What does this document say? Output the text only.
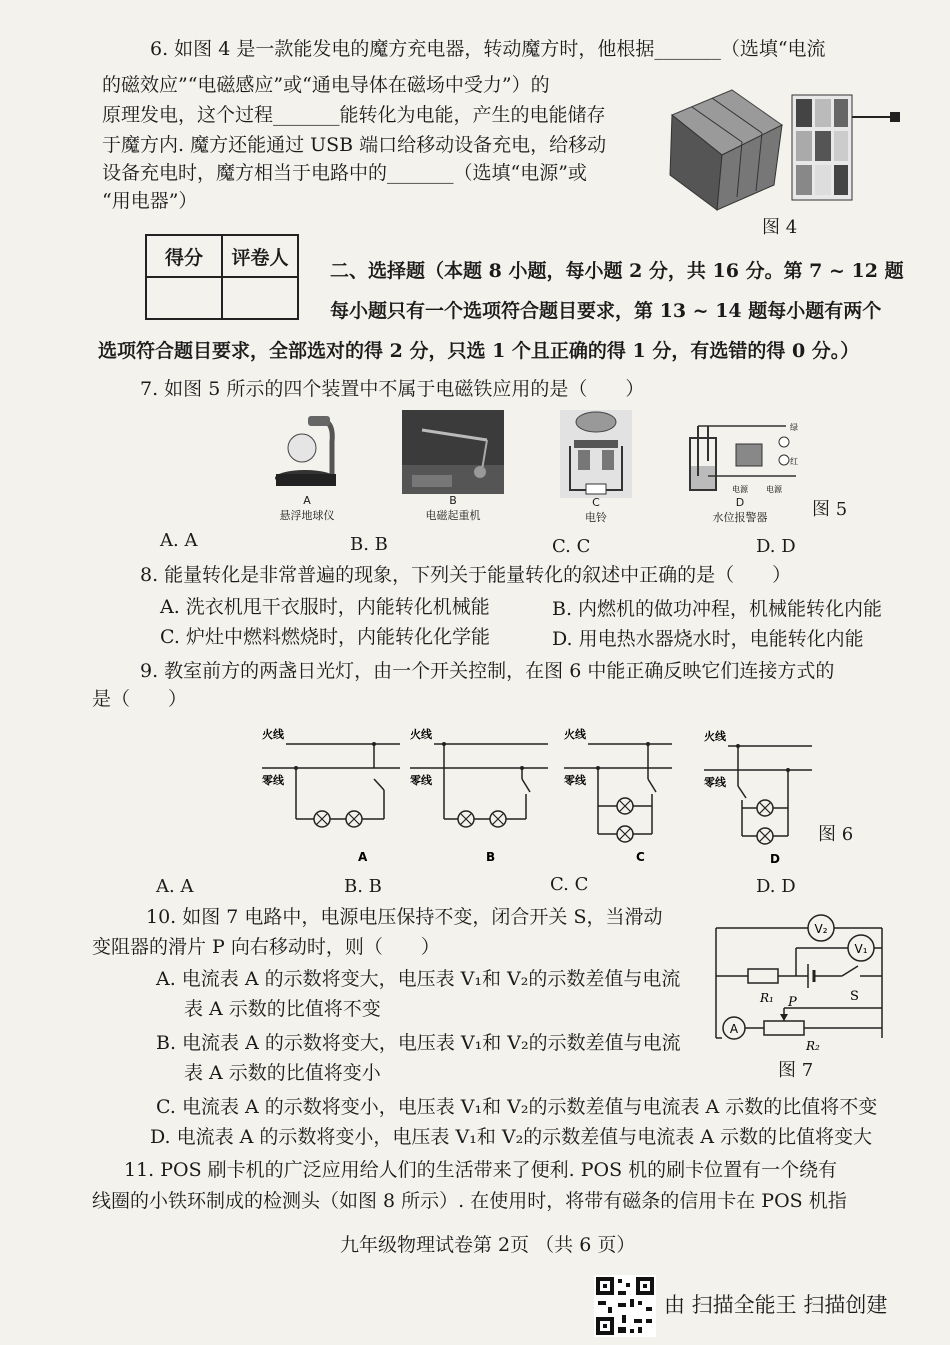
6. 如图 4 是一款能发电的魔方充电器，转动魔方时，他根据_______（选填“电流
的磁效应”“电磁感应”或“通电导体在磁场中受力”）的
原理发电，这个过程_______能转化为电能，产生的电能储存
于魔方内. 魔方还能通过 USB 端口给移动设备充电，给移动
设备充电时，魔方相当于电路中的_______（选填“电源”或
“用电器”）
图 4
得分	评卷人

二、选择题（本题 8 小题，每小题 2 分，共 16 分。第 7 ~ 12 题
每小题只有一个选项符合题目要求，第 13 ~ 14 题每小题有两个
选项符合题目要求，全部选对的得 2 分，只选 1 个且正确的得 1 分，有选错的得 0 分。）
7. 如图 5 所示的四个装置中不属于电磁铁应用的是（　　）
A
悬浮地球仪
B
电磁起重机
C
电铃
绿
红
电源 电源
D
水位报警器	图 5
A. A	B. B	C. C	D. D
8. 能量转化是非常普遍的现象，下列关于能量转化的叙述中正确的是（　　）
A. 洗衣机甩干衣服时，内能转化机械能	B. 内燃机的做功冲程，机械能转化内能
C. 炉灶中燃料燃烧时，内能转化化学能	D. 用电热水器烧水时，电能转化内能
9. 教室前方的两盏日光灯，由一个开关控制，在图 6 中能正确反映它们连接方式的
是（　　）
火线
零线
A
火线
零线
B
火线
零线
C
火线
零线
D
图 6
A. A	B. B	C. C	D. D
10. 如图 7 电路中，电源电压保持不变，闭合开关 S，当滑动
变阻器的滑片 P 向右移动时，则（　　）
A. 电流表 A 的示数将变大，电压表 V₁和 V₂的示数差值与电流
表 A 示数的比值将不变
B. 电流表 A 的示数将变大，电压表 V₁和 V₂的示数差值与电流
表 A 示数的比值将变小
C. 电流表 A 的示数将变小，电压表 V₁和 V₂的示数差值与电流表 A 示数的比值将不变
D. 电流表 A 的示数将变小，电压表 V₁和 V₂的示数差值与电流表 A 示数的比值将变大
V₂
V₁
R₁	S
A
P
R₂
图 7
11. POS 刷卡机的广泛应用给人们的生活带来了便利. POS 机的刷卡位置有一个绕有
线圈的小铁环制成的检测头（如图 8 所示）. 在使用时，将带有磁条的信用卡在 POS 机指
九年级物理试卷第 2页 （共 6 页）
由 扫描全能王 扫描创建
